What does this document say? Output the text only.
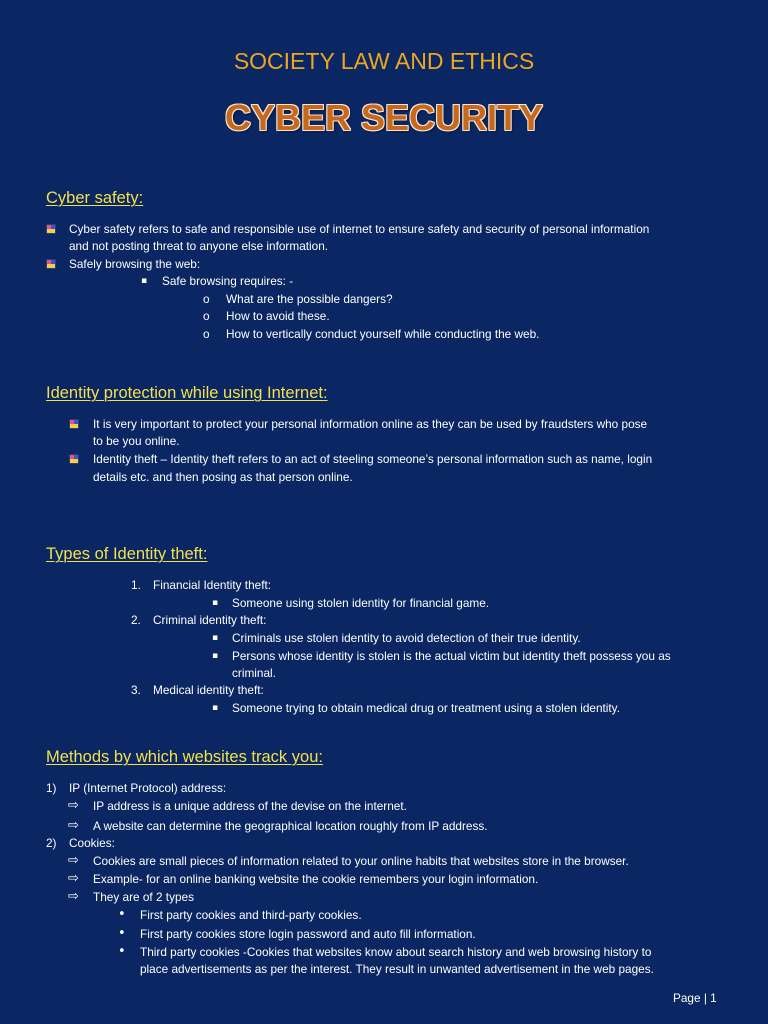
SOCIETY LAW AND ETHICS
CYBER SECURITY
Cyber safety:
Cyber safety refers to safe and responsible use of internet to ensure safety and security of personal information
and not posting threat to anyone else information.
Safely browsing the web:
▪ Safe browsing requires: -
o What are the possible dangers?
o How to avoid these.
o How to vertically conduct yourself while conducting the web.
Identity protection while using Internet:
It is very important to protect your personal information online as they can be used by fraudsters who pose
to be you online.
Identity theft – Identity theft refers to an act of steeling someone’s personal information such as name, login
details etc. and then posing as that person online.
Types of Identity theft:
1. Financial Identity theft:
▪ Someone using stolen identity for financial game.
2. Criminal identity theft:
▪ Criminals use stolen identity to avoid detection of their true identity.
▪ Persons whose identity is stolen is the actual victim but identity theft possess you as
criminal.
3. Medical identity theft:
▪ Someone trying to obtain medical drug or treatment using a stolen identity.
Methods by which websites track you:
1) IP (Internet Protocol) address:
⇨ IP address is a unique address of the devise on the internet.
⇨ A website can determine the geographical location roughly from IP address.
2) Cookies:
⇨ Cookies are small pieces of information related to your online habits that websites store in the browser.
⇨ Example- for an online banking website the cookie remembers your login information.
⇨ They are of 2 types
• First party cookies and third-party cookies.
• First party cookies store login password and auto fill information.
• Third party cookies -Cookies that websites know about search history and web browsing history to
place advertisements as per the interest. They result in unwanted advertisement in the web pages.
Page | 1
